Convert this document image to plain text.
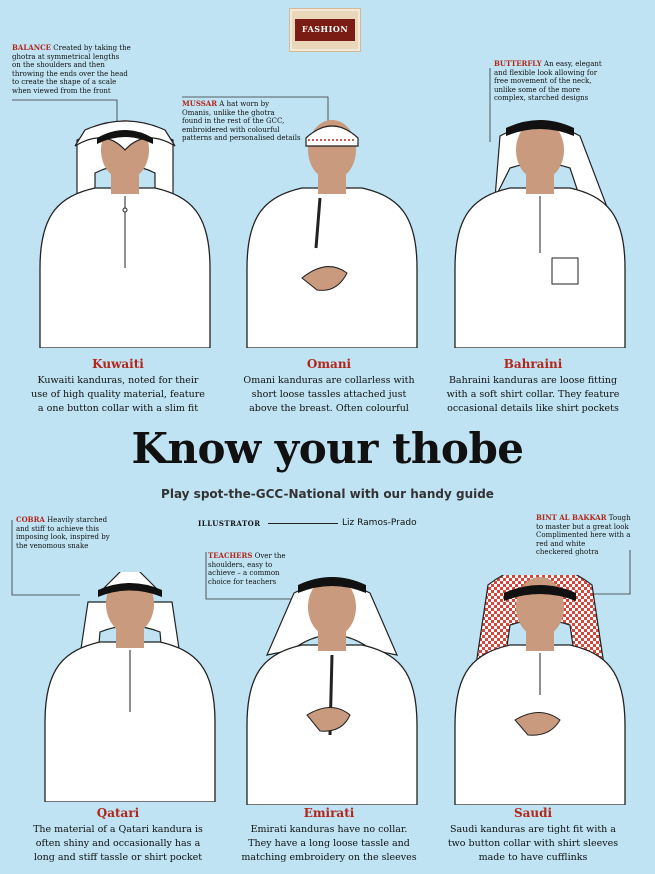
FASHION
Kuwaiti
Kuwaiti kanduras, noted for their
use of high quality material, feature
a one button collar with a slim fit
Omani
Omani kanduras are collarless with
short loose tassles attached just
above the breast. Often colourful
Bahraini
Bahraini kanduras are loose fitting
with a soft shirt collar. They feature
occasional details like shirt pockets
BALANCE Created by taking the
ghotra at symmetrical lengths
on the shoulders and then
throwing the ends over the head
to create the shape of a scale
when viewed from the front
MUSSAR A hat worn by
Omanis, unlike the ghotra
found in the rest of the GCC,
embroidered with colourful
patterns and personalised details
BUTTERFLY An easy, elegant
and flexible look allowing for
free movement of the neck,
unlike some of the more
complex, starched designs
Know your thobe
Play spot-the-GCC-National with our handy guide
ILLUSTRATOR	Liz Ramos-Prado
Qatari
The material of a Qatari kandura is
often shiny and occasionally has a
long and stiff tassle or shirt pocket
Emirati
Emirati kanduras have no collar.
They have a long loose tassle and
matching embroidery on the sleeves
Saudi
Saudi kanduras are tight fit with a
two button collar with shirt sleeves
made to have cufflinks
COBRA Heavily starched
and stiff to achieve this
imposing look, inspired by
the venomous snake
TEACHERS Over the
shoulders, easy to
achieve – a common
choice for teachers
BINT AL BAKKAR Tough
to master but a great look
Complimented here with a
red and white
checkered ghotra
